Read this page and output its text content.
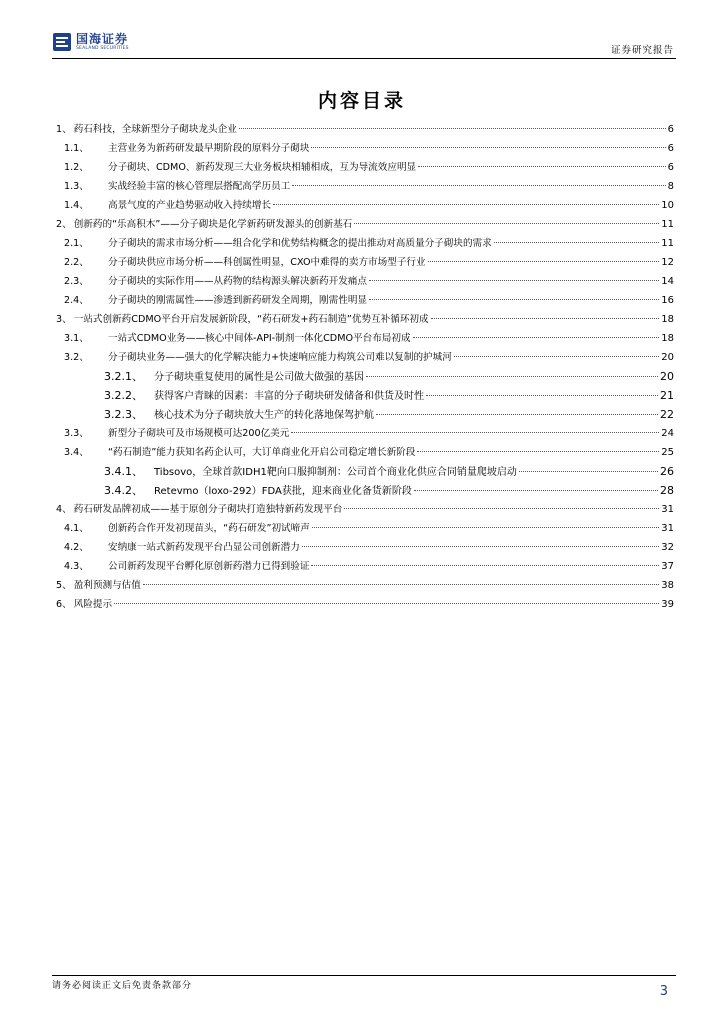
国海证券
SEALAND SECURITIES	证券研究报告
内容目录
1、 药石科技，全球新型分子砌块龙头企业	6
1.1、	主营业务为新药研发最早期阶段的原料分子砌块	6
1.2、	分子砌块、CDMO、新药发现三大业务板块相辅相成，互为导流效应明显	6
1.3、	实战经验丰富的核心管理层搭配高学历员工	8
1.4、	高景气度的产业趋势驱动收入持续增长	10
2、 创新药的“乐高积木”——分子砌块是化学新药研发源头的创新基石	11
2.1、	分子砌块的需求市场分析——组合化学和优势结构概念的提出推动对高质量分子砌块的需求	11
2.2、	分子砌块供应市场分析——科创属性明显，CXO中难得的卖方市场型子行业	12
2.3、	分子砌块的实际作用——从药物的结构源头解决新药开发痛点	14
2.4、	分子砌块的刚需属性——渗透到新药研发全周期，刚需性明显	16
3、 一站式创新药CDMO平台开启发展新阶段，“药石研发+药石制造”优势互补循环初成	18
3.1、	一站式CDMO业务——核心中间体-API-制剂一体化CDMO平台布局初成	18
3.2、	分子砌块业务——强大的化学解决能力+快速响应能力构筑公司难以复制的护城河	20
3.2.1、	分子砌块重复使用的属性是公司做大做强的基因	20
3.2.2、	获得客户青睐的因素：丰富的分子砌块研发储备和供货及时性	21
3.2.3、	核心技术为分子砌块放大生产的转化落地保驾护航	22
3.3、	新型分子砌块可及市场规模可达200亿美元	24
3.4、	“药石制造”能力获知名药企认可，大订单商业化开启公司稳定增长新阶段	25
3.4.1、	Tibsovo，全球首款IDH1靶向口服抑制剂：公司首个商业化供应合同销量爬坡启动	26
3.4.2、	Retevmo（loxo-292）FDA获批，迎来商业化备货新阶段	28
4、 药石研发品牌初成——基于原创分子砌块打造独特新药发现平台	31
4.1、	创新药合作开发初现苗头，“药石研发”初试啼声	31
4.2、	安纳康一站式新药发现平台凸显公司创新潜力	32
4.3、	公司新药发现平台孵化原创新药潜力已得到验证	37
5、 盈利预测与估值	38
6、 风险提示	39
请务必阅读正文后免责条款部分	3
